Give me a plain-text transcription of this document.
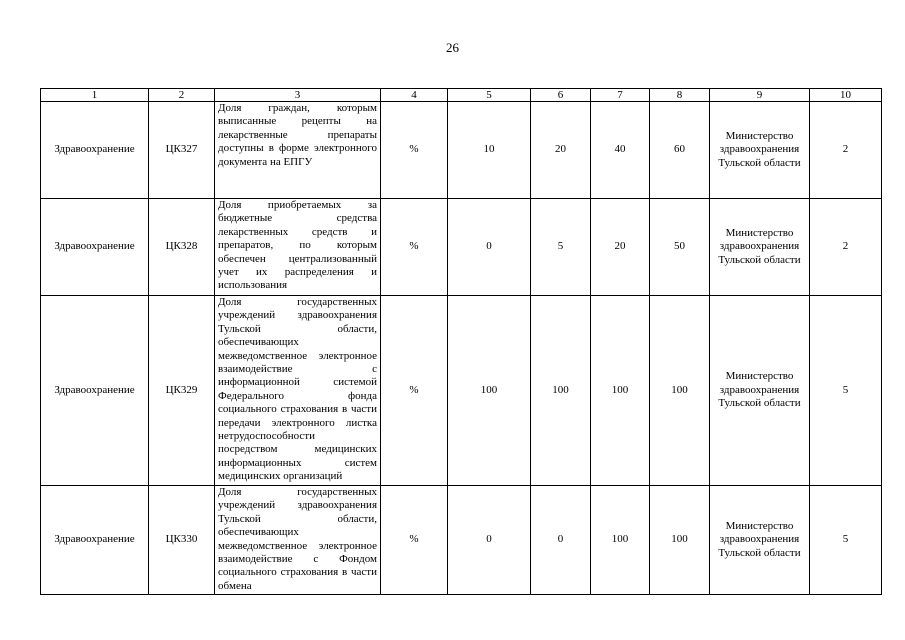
26
1	2	3	4	5	6	7	8	9	10
Здравоохранение	ЦК327	Доля граждан, которым выписанные рецепты на лекарственные препараты доступны в форме электронного документа на ЕПГУ	%	10	20	40	60	Министерство здравоохранения Тульской области	2
Здравоохранение	ЦК328	Доля приобретаемых за бюджетные средства лекарственных средств и препаратов, по которым обеспечен централизованный учет их распределения и использования	%	0	5	20	50	Министерство здравоохранения Тульской области	2
Здравоохранение	ЦК329	Доля государственных учреждений здравоохранения Тульской области, обеспечивающих межведомственное электронное взаимодействие с информационной системой Федерального фонда социального страхования в части передачи электронного листка нетрудоспособности посредством медицинских информационных систем медицинских организаций	%	100	100	100	100	Министерство здравоохранения Тульской области	5
Здравоохранение	ЦК330	Доля государственных учреждений здравоохранения Тульской области, обеспечивающих межведомственное электронное взаимодействие с Фондом социального страхования в части обмена	%	0	0	100	100	Министерство здравоохранения Тульской области	5
